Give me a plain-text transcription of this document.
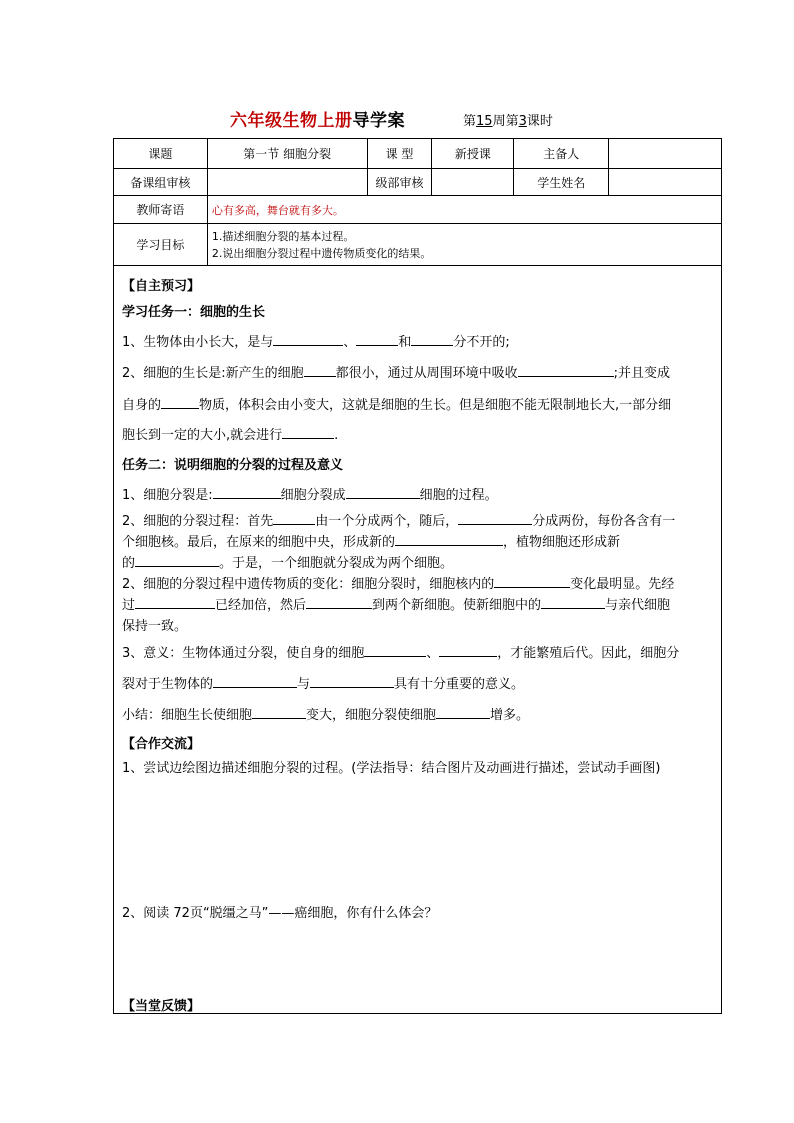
六年级生物上册导学案	第15周第3课时
课题	第一节 细胞分裂	课 型	新授课	主备人	
备课组审核		级部审核		学生姓名	
教师寄语	心有多高，舞台就有多大。				
学习目标	1.描述细胞分裂的基本过程。
2.说出细胞分裂过程中遗传物质变化的结果。				
【自主预习】
学习任务一：细胞的生长
1、生物体由小长大，是与	、	和	分不开的;
2、细胞的生长是:新产生的细胞 都很小，通过从周围环境中吸收	;并且变成
自身的	物质，体积会由小变大，这就是细胞的生长。但是细胞不能无限制地长大,一部分细
胞长到一定的大小,就会进行	.
任务二：说明细胞的分裂的过程及意义
1、细胞分裂是:	细胞分裂成	细胞的过程。
2、细胞的分裂过程：首先	由一个分成两个，随后，	分成两份，每份各含有一
个细胞核。最后，在原来的细胞中央，形成新的	，植物细胞还形成新
的	。于是，一个细胞就分裂成为两个细胞。
2、细胞的分裂过程中遗传物质的变化：细胞分裂时，细胞核内的	变化最明显。先经
过	已经加倍，然后	到两个新细胞。使新细胞中的	与亲代细胞
保持一致。
3、意义：生物体通过分裂，使自身的细胞	、	，才能繁殖后代。因此，细胞分
裂对于生物体的	与	具有十分重要的意义。
小结：细胞生长使细胞	变大，细胞分裂使细胞	增多。
【合作交流】
1、尝试边绘图边描述细胞分裂的过程。(学法指导：结合图片及动画进行描述，尝试动手画图)
2、阅读 72页“脱缰之马”——癌细胞，你有什么体会？
【当堂反馈】
